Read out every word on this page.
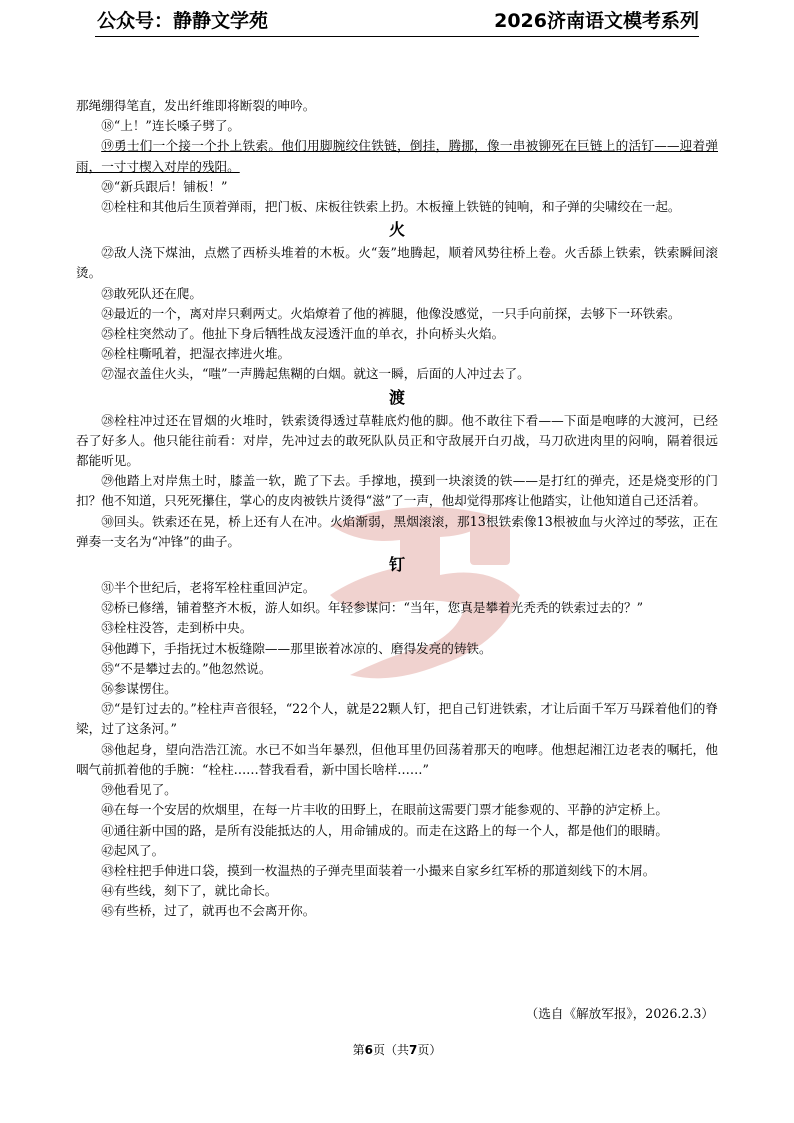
公众号：静静文学苑	2026济南语文模考系列

那绳绷得笔直，发出纤维即将断裂的呻吟。

⑱“上！”连长嗓子劈了。

⑲勇士们一个接一个扑上铁索。他们用脚腕绞住铁链，倒挂，腾挪，像一串被铆死在巨链上的活钉——迎着弹雨，一寸寸楔入对岸的残阳。

⑳“新兵跟后！铺板！”

㉑栓柱和其他后生顶着弹雨，把门板、床板往铁索上扔。木板撞上铁链的钝响，和子弹的尖啸绞在一起。

火

㉒敌人浇下煤油，点燃了西桥头堆着的木板。火“轰”地腾起，顺着风势往桥上卷。火舌舔上铁索，铁索瞬间滚烫。

㉓敢死队还在爬。

㉔最近的一个，离对岸只剩两丈。火焰燎着了他的裤腿，他像没感觉，一只手向前探，去够下一环铁索。

㉕栓柱突然动了。他扯下身后牺牲战友浸透汗血的单衣，扑向桥头火焰。

㉖栓柱嘶吼着，把湿衣摔进火堆。

㉗湿衣盖住火头，“嗤”一声腾起焦糊的白烟。就这一瞬，后面的人冲过去了。

渡

㉘栓柱冲过还在冒烟的火堆时，铁索烫得透过草鞋底灼他的脚。他不敢往下看——下面是咆哮的大渡河，已经吞了好多人。他只能往前看：对岸，先冲过去的敢死队队员正和守敌展开白刃战，马刀砍进肉里的闷响，隔着很远都能听见。

㉙他踏上对岸焦土时，膝盖一软，跪了下去。手撑地，摸到一块滚烫的铁——是打红的弹壳，还是烧变形的门扣？他不知道，只死死攥住，掌心的皮肉被铁片烫得“滋”了一声，他却觉得那疼让他踏实，让他知道自己还活着。

㉚回头。铁索还在晃，桥上还有人在冲。火焰渐弱，黑烟滚滚，那13根铁索像13根被血与火淬过的琴弦，正在弹奏一支名为“冲锋”的曲子。

钉

㉛半个世纪后，老将军栓柱重回泸定。

㉜桥已修缮，铺着整齐木板，游人如织。年轻参谋问：“当年，您真是攀着光秃秃的铁索过去的？”

㉝栓柱没答，走到桥中央。

㉞他蹲下，手指抚过木板缝隙——那里嵌着冰凉的、磨得发亮的铸铁。

㉟“不是攀过去的。”他忽然说。

㊱参谋愣住。

㊲“是钉过去的。”栓柱声音很轻，“22个人，就是22颗人钉，把自己钉进铁索，才让后面千军万马踩着他们的脊梁，过了这条河。”

㊳他起身，望向浩浩江流。水已不如当年暴烈，但他耳里仍回荡着那天的咆哮。他想起湘江边老表的嘱托，他咽气前抓着他的手腕：“栓柱……替我看看，新中国长啥样……”

㊴他看见了。

㊵在每一个安居的炊烟里，在每一片丰收的田野上，在眼前这需要门票才能参观的、平静的泸定桥上。

㊶通往新中国的路，是所有没能抵达的人，用命铺成的。而走在这路上的每一个人，都是他们的眼睛。

㊷起风了。

㊸栓柱把手伸进口袋，摸到一枚温热的子弹壳里面装着一小撮来自家乡红军桥的那道刻线下的木屑。

㊹有些线，刻下了，就比命长。

㊺有些桥，过了，就再也不会离开你。

（选自《解放军报》，2026.2.3）
第6页（共7页）
